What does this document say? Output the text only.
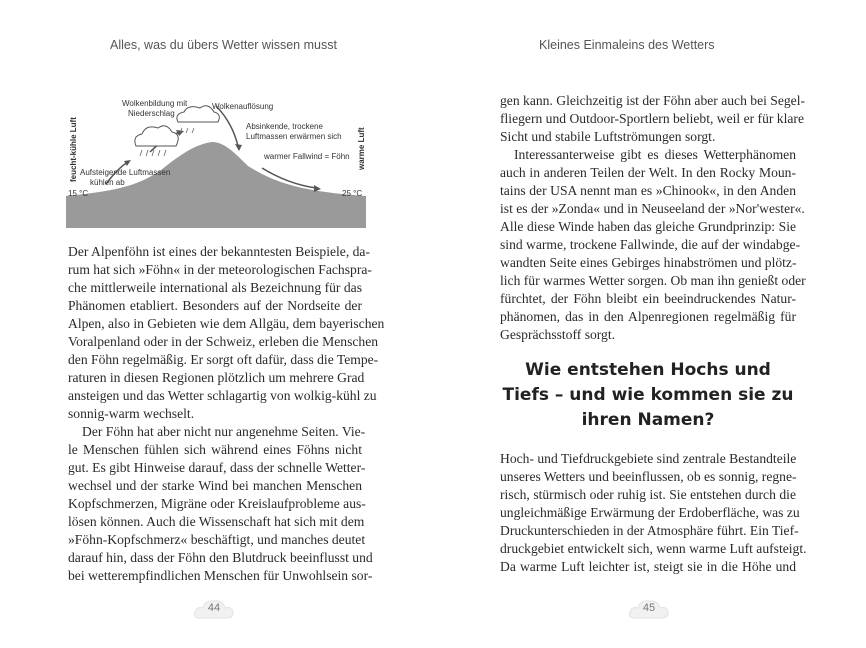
Alles, was du übers Wetter wissen musst
Wolkenbildung mit
Niederschlag
Wolkenauflösung
Absinkende, trockene
Luftmassen erwärmen sich
warmer Fallwind = Föhn
Aufsteigende Luftmassen
kühlen ab
15 °C	25 °C
feucht-kühle Luft	warme Luft
Der Alpenföhn ist eines der bekanntesten Beispiele, da-
rum hat sich »Föhn« in der meteorologischen Fachspra-
che mittlerweile international als Bezeichnung für das
Phänomen etabliert. Besonders auf der Nordseite der
Alpen, also in Gebieten wie dem Allgäu, dem bayerischen
Voralpenland oder in der Schweiz, erleben die Menschen
den Föhn regelmäßig. Er sorgt oft dafür, dass die Tempe-
raturen in diesen Regionen plötzlich um mehrere Grad
ansteigen und das Wetter schlagartig von wolkig-kühl zu
sonnig-warm wechselt.
Der Föhn hat aber nicht nur angenehme Seiten. Vie-
le Menschen fühlen sich während eines Föhns nicht
gut. Es gibt Hinweise darauf, dass der schnelle Wetter-
wechsel und der starke Wind bei manchen Menschen
Kopfschmerzen, Migräne oder Kreislaufprobleme aus-
lösen können. Auch die Wissenschaft hat sich mit dem
»Föhn-Kopfschmerz« beschäftigt, und manches deutet
darauf hin, dass der Föhn den Blutdruck beeinflusst und
bei wetterempfindlichen Menschen für Unwohlsein sor-
44
Kleines Einmaleins des Wetters
gen kann. Gleichzeitig ist der Föhn aber auch bei Segel-
fliegern und Outdoor-Sportlern beliebt, weil er für klare
Sicht und stabile Luftströmungen sorgt.
Interessanterweise gibt es dieses Wetterphänomen
auch in anderen Teilen der Welt. In den Rocky Moun-
tains der USA nennt man es »Chinook«, in den Anden
ist es der »Zonda« und in Neuseeland der »Nor'wester«.
Alle diese Winde haben das gleiche Grundprinzip: Sie
sind warme, trockene Fallwinde, die auf der windabge-
wandten Seite eines Gebirges hinabströmen und plötz-
lich für warmes Wetter sorgen. Ob man ihn genießt oder
fürchtet, der Föhn bleibt ein beeindruckendes Natur-
phänomen, das in den Alpenregionen regelmäßig für
Gesprächsstoff sorgt.
Wie entstehen Hochs und
Tiefs – und wie kommen sie zu
ihren Namen?
Hoch- und Tiefdruckgebiete sind zentrale Bestandteile
unseres Wetters und beeinflussen, ob es sonnig, regne-
risch, stürmisch oder ruhig ist. Sie entstehen durch die
ungleichmäßige Erwärmung der Erdoberfläche, was zu
Druckunterschieden in der Atmosphäre führt. Ein Tief-
druckgebiet entwickelt sich, wenn warme Luft aufsteigt.
Da warme Luft leichter ist, steigt sie in die Höhe und
45
